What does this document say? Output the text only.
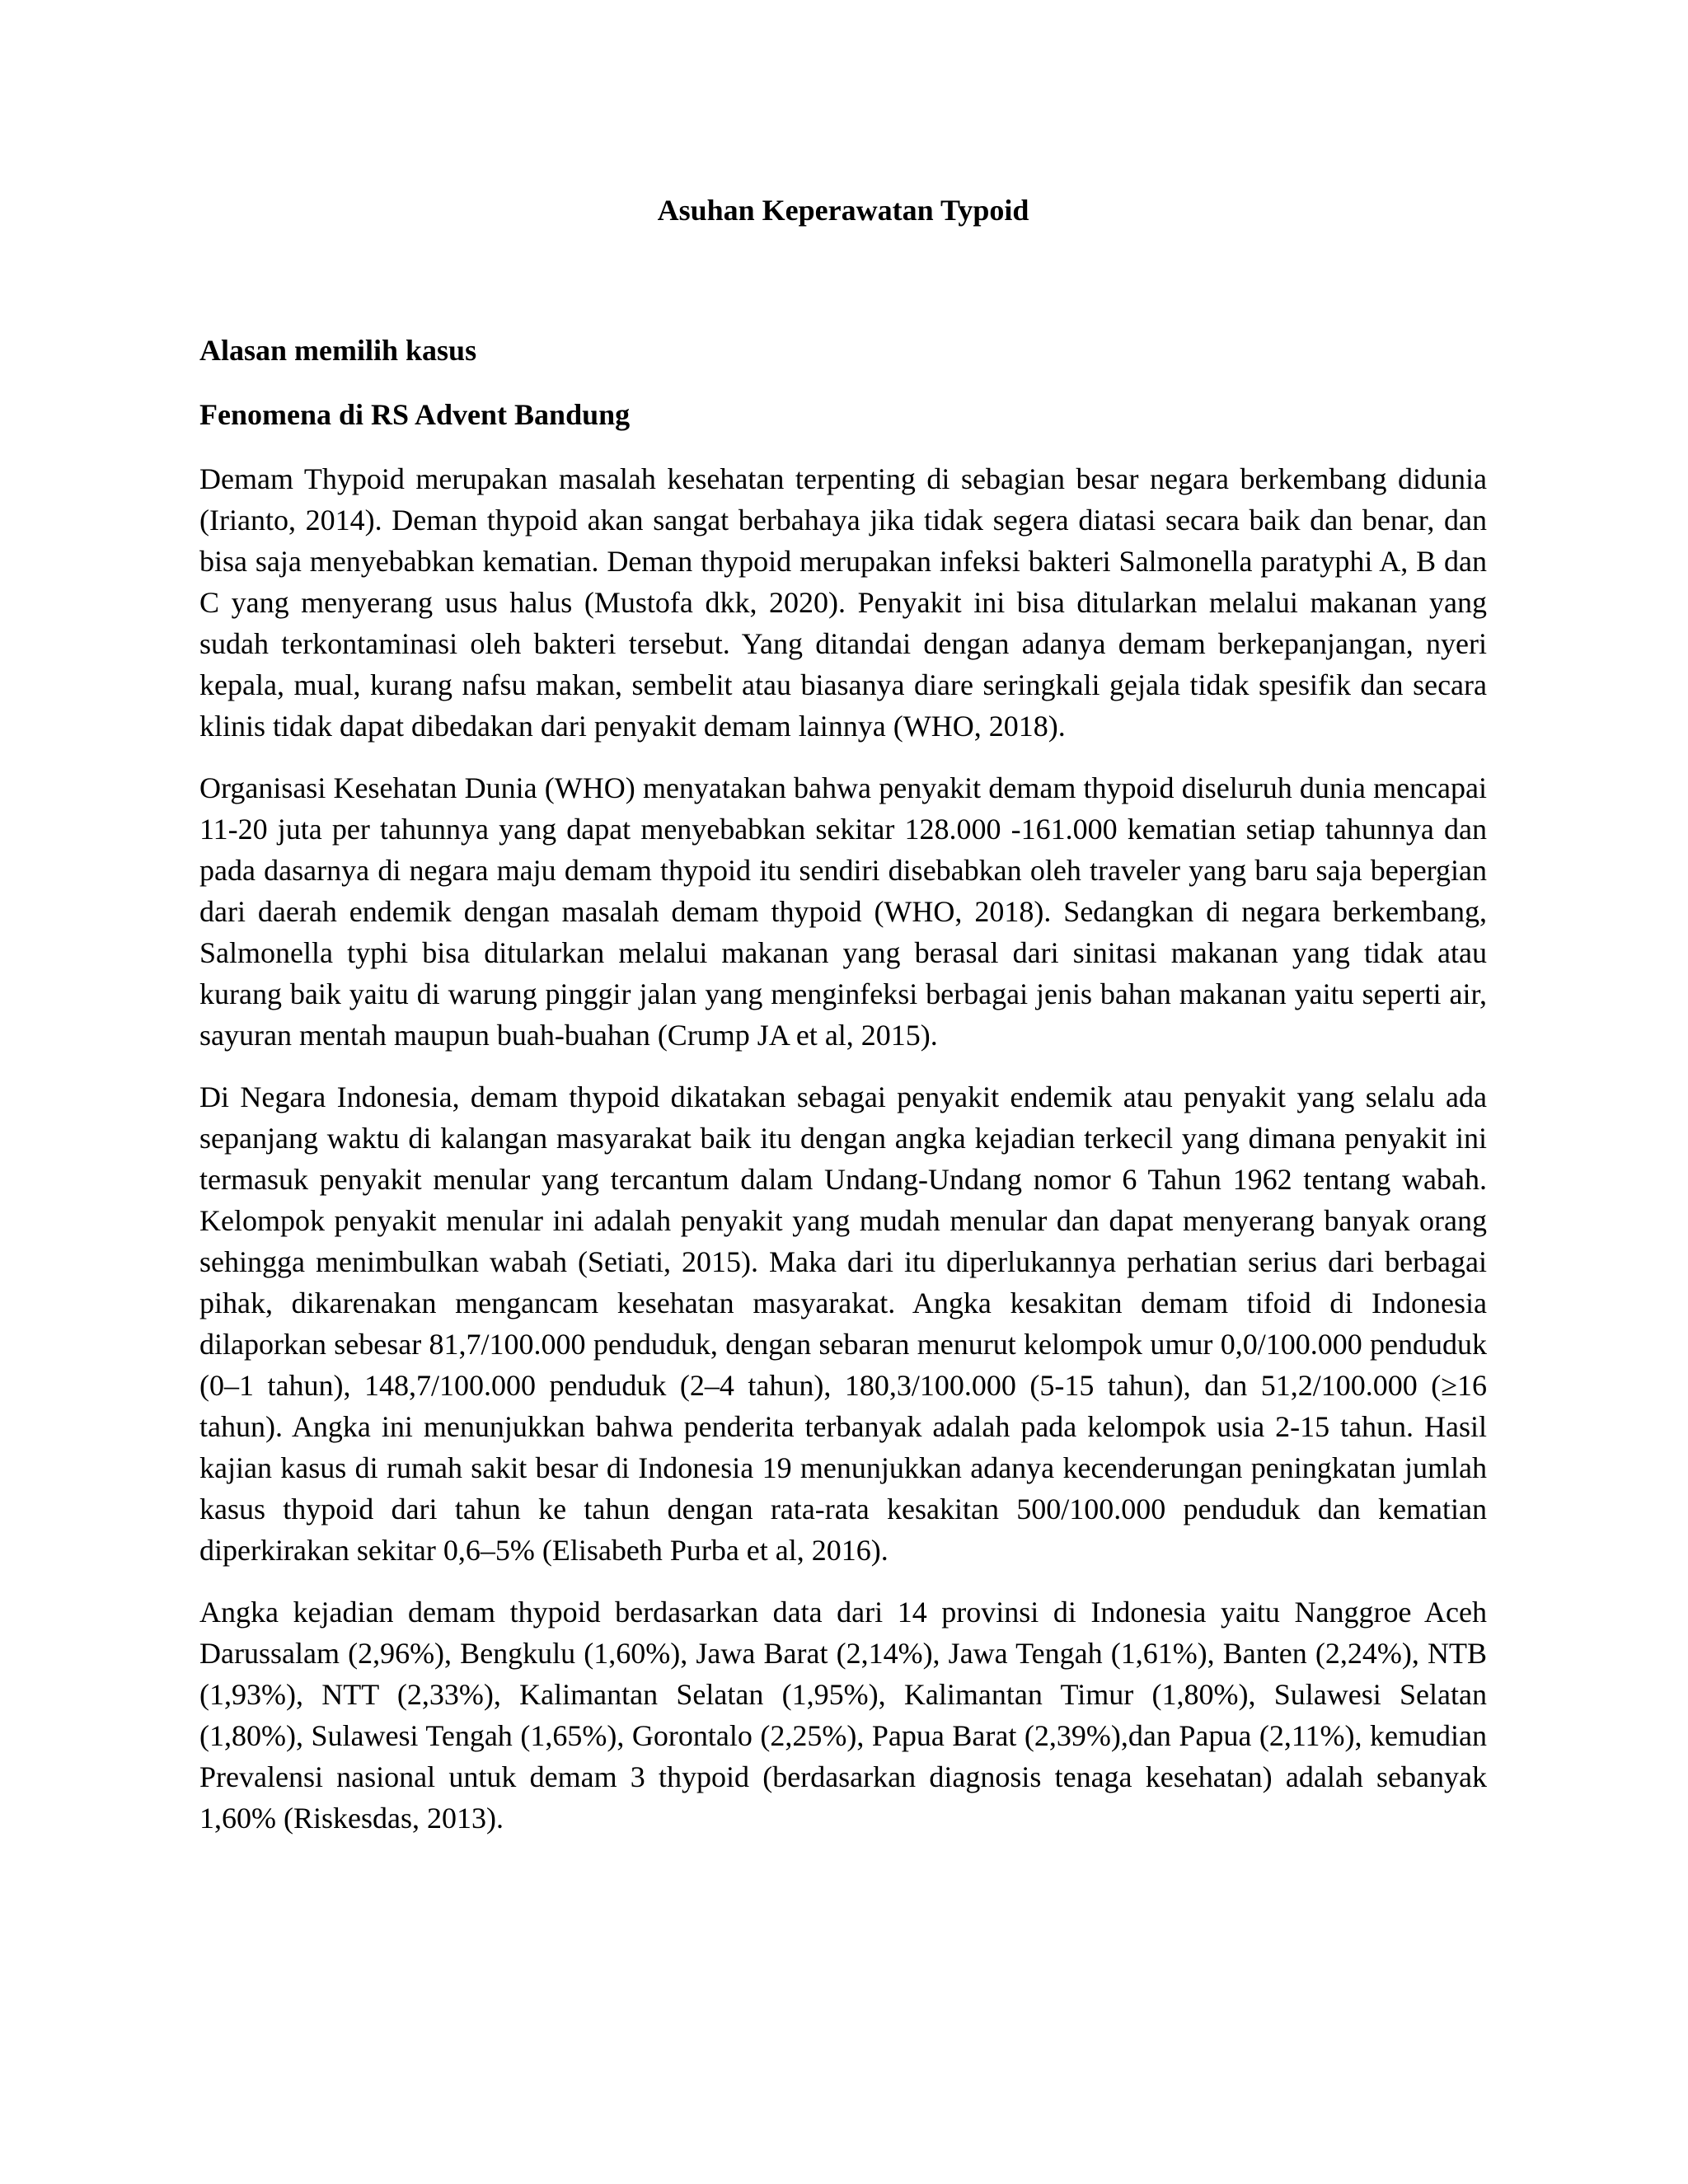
Asuhan Keperawatan Typoid
Alasan memilih kasus
Fenomena di RS Advent Bandung

Demam Thypoid merupakan masalah kesehatan terpenting di sebagian besar negara berkembang didunia (Irianto, 2014). Deman thypoid akan sangat berbahaya jika tidak segera diatasi secara baik dan benar, dan bisa saja menyebabkan kematian. Deman thypoid merupakan infeksi bakteri Salmonella paratyphi A, B dan C yang menyerang usus halus (Mustofa dkk, 2020). Penyakit ini bisa ditularkan melalui makanan yang sudah terkontaminasi oleh bakteri tersebut. Yang ditandai dengan adanya demam berkepanjangan, nyeri kepala, mual, kurang nafsu makan, sembelit atau biasanya diare seringkali gejala tidak spesifik dan secara klinis tidak dapat dibedakan dari penyakit demam lainnya (WHO, 2018).

Organisasi Kesehatan Dunia (WHO) menyatakan bahwa penyakit demam thypoid diseluruh dunia mencapai 11-20 juta per tahunnya yang dapat menyebabkan sekitar 128.000 -161.000 kematian setiap tahunnya dan pada dasarnya di negara maju demam thypoid itu sendiri disebabkan oleh traveler yang baru saja bepergian dari daerah endemik dengan masalah demam thypoid (WHO, 2018). Sedangkan di negara berkembang, Salmonella typhi bisa ditularkan melalui makanan yang berasal dari sinitasi makanan yang tidak atau kurang baik yaitu di warung pinggir jalan yang menginfeksi berbagai jenis bahan makanan yaitu seperti air, sayuran mentah maupun buah-buahan (Crump JA et al, 2015).

Di Negara Indonesia, demam thypoid dikatakan sebagai penyakit endemik atau penyakit yang selalu ada sepanjang waktu di kalangan masyarakat baik itu dengan angka kejadian terkecil yang dimana penyakit ini termasuk penyakit menular yang tercantum dalam Undang-Undang nomor 6 Tahun 1962 tentang wabah. Kelompok penyakit menular ini adalah penyakit yang mudah menular dan dapat menyerang banyak orang sehingga menimbulkan wabah (Setiati, 2015). Maka dari itu diperlukannya perhatian serius dari berbagai pihak, dikarenakan mengancam kesehatan masyarakat. Angka kesakitan demam tifoid di Indonesia dilaporkan sebesar 81,7/100.000 penduduk, dengan sebaran menurut kelompok umur 0,0/100.000 penduduk (0–1 tahun), 148,7/100.000 penduduk (2–4 tahun), 180,3/100.000 (5-15 tahun), dan 51,2/100.000 (≥16 tahun). Angka ini menunjukkan bahwa penderita terbanyak adalah pada kelompok usia 2-15 tahun. Hasil kajian kasus di rumah sakit besar di Indonesia 19 menunjukkan adanya kecenderungan peningkatan jumlah kasus thypoid dari tahun ke tahun dengan rata-rata kesakitan 500/100.000 penduduk dan kematian diperkirakan sekitar 0,6–5% (Elisabeth Purba et al, 2016).

Angka kejadian demam thypoid berdasarkan data dari 14 provinsi di Indonesia yaitu Nanggroe Aceh Darussalam (2,96%), Bengkulu (1,60%), Jawa Barat (2,14%), Jawa Tengah (1,61%), Banten (2,24%), NTB (1,93%), NTT (2,33%), Kalimantan Selatan (1,95%), Kalimantan Timur (1,80%), Sulawesi Selatan (1,80%), Sulawesi Tengah (1,65%), Gorontalo (2,25%), Papua Barat (2,39%),dan Papua (2,11%), kemudian Prevalensi nasional untuk demam 3 thypoid (berdasarkan diagnosis tenaga kesehatan) adalah sebanyak 1,60% (Riskesdas, 2013).
